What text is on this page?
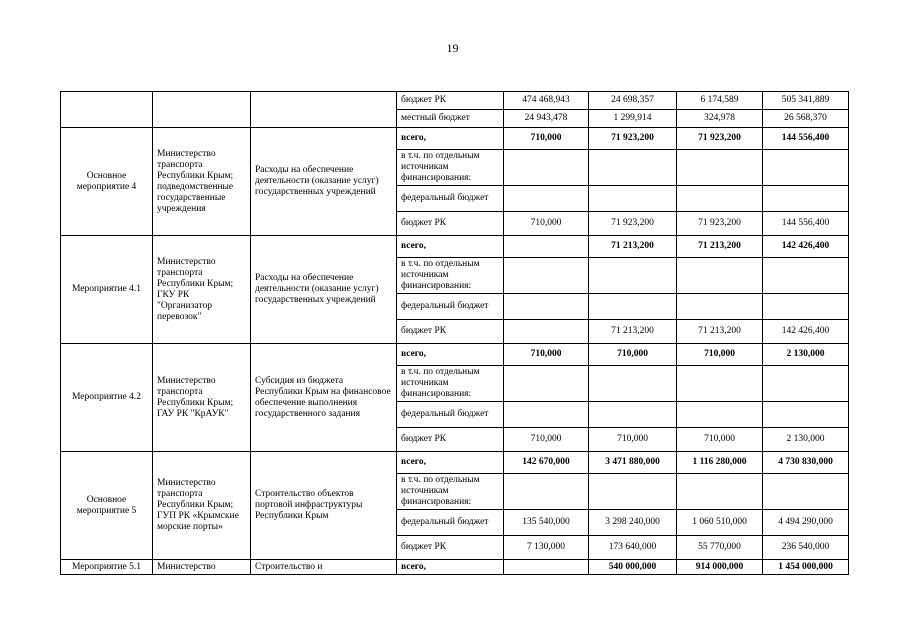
19
			бюджет РК	474 468,943	24 698,357	6 174,589	505 341,889
			местный бюджет	24 943,478	1 299,914	324,978	26 568,370
Основное мероприятие 4	Министерство транспорта Республики Крым; подведомственные государственные учреждения	Расходы на обеспечение деятельности (оказание услуг) государственных учреждений	всего,	710,000	71 923,200	71 923,200	144 556,400
			в т.ч. по отдельным источникам финансирования:				
			федеральный бюджет				
			бюджет РК	710,000	71 923,200	71 923,200	144 556,400
Мероприятие 4.1	Министерство транспорта Республики Крым; ГКУ РК "Организатор перевозок"	Расходы на обеспечение деятельности (оказание услуг) государственных учреждений	всего,		71 213,200	71 213,200	142 426,400
			в т.ч. по отдельным источникам финансирования:				
			федеральный бюджет				
			бюджет РК		71 213,200	71 213,200	142 426,400
Мероприятие 4.2	Министерство транспорта Республики Крым; ГАУ РК "КрАУК"	Субсидия из бюджета Республики Крым на финансовое обеспечение выполнения государственного задания	всего,	710,000	710,000	710,000	2 130,000
			в т.ч. по отдельным источникам финансирования:				
			федеральный бюджет				
			бюджет РК	710,000	710,000	710,000	2 130,000
Основное мероприятие 5	Министерство транспорта Республики Крым; ГУП РК «Крымские морские порты»	Строительство объектов портовой инфраструктуры Республики Крым	всего,	142 670,000	3 471 880,000	1 116 280,000	4 730 830,000
			в т.ч. по отдельным источникам финансирования:				
			федеральный бюджет	135 540,000	3 298 240,000	1 060 510,000	4 494 290,000
			бюджет РК	7 130,000	173 640,000	55 770,000	236 540,000
Мероприятие 5.1	Министерство	Строительство и	всего,		540 000,000	914 000,000	1 454 000,000
